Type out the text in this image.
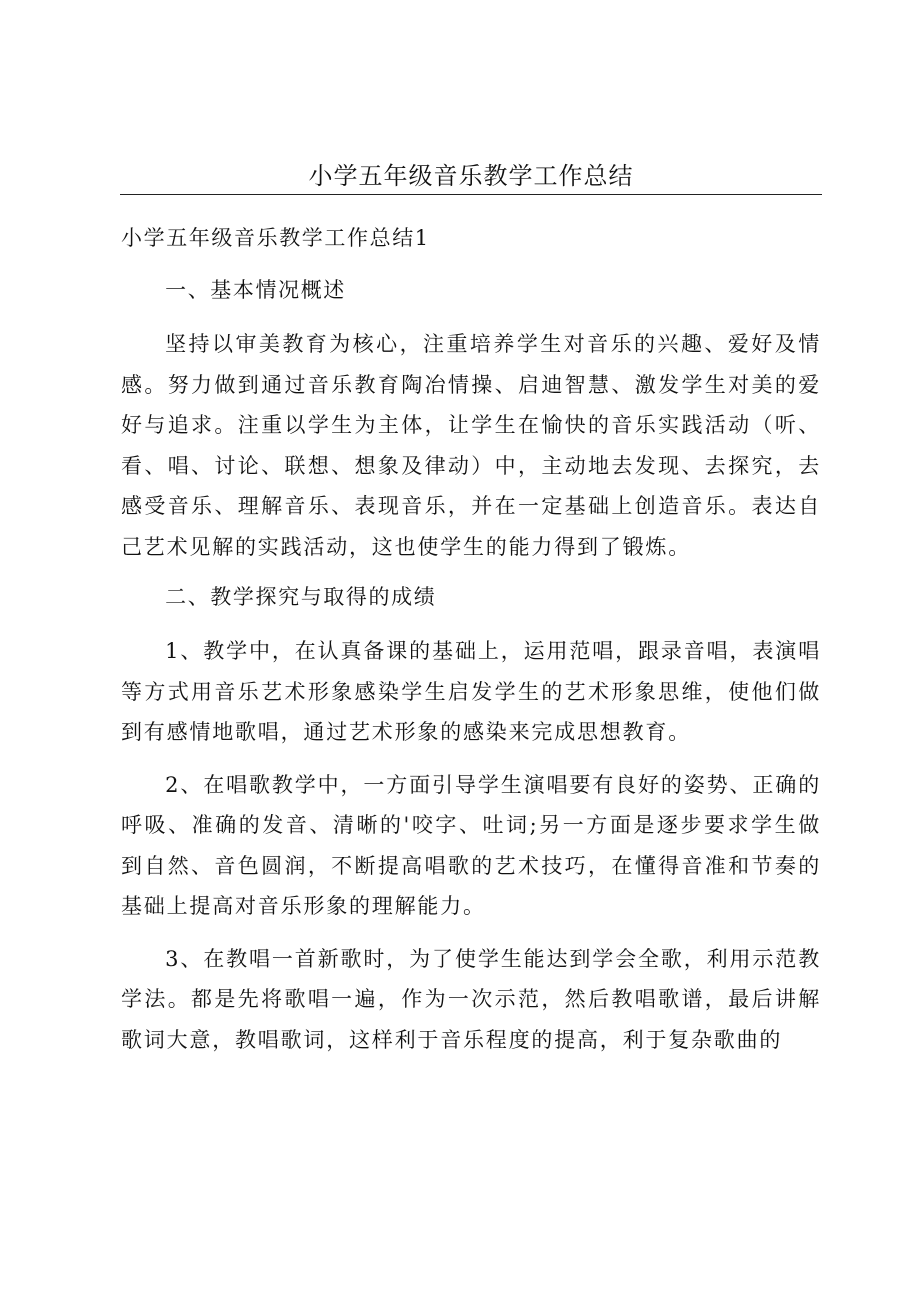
小学五年级音乐教学工作总结

小学五年级音乐教学工作总结1

一、基本情况概述

坚持以审美教育为核心，注重培养学生对音乐的兴趣、爱好及情感。努力做到通过音乐教育陶冶情操、启迪智慧、激发学生对美的爱好与追求。注重以学生为主体，让学生在愉快的音乐实践活动（听、看、唱、讨论、联想、想象及律动）中，主动地去发现、去探究，去感受音乐、理解音乐、表现音乐，并在一定基础上创造音乐。表达自己艺术见解的实践活动，这也使学生的能力得到了锻炼。

二、教学探究与取得的成绩

1、教学中，在认真备课的基础上，运用范唱，跟录音唱，表演唱等方式用音乐艺术形象感染学生启发学生的艺术形象思维，使他们做到有感情地歌唱，通过艺术形象的感染来完成思想教育。

2、在唱歌教学中，一方面引导学生演唱要有良好的姿势、正确的呼吸、准确的发音、清晰的'咬字、吐词;另一方面是逐步要求学生做到自然、音色圆润，不断提高唱歌的艺术技巧，在懂得音准和节奏的基础上提高对音乐形象的理解能力。

3、在教唱一首新歌时，为了使学生能达到学会全歌，利用示范教学法。都是先将歌唱一遍，作为一次示范，然后教唱歌谱，最后讲解歌词大意，教唱歌词，这样利于音乐程度的提高，利于复杂歌曲的
